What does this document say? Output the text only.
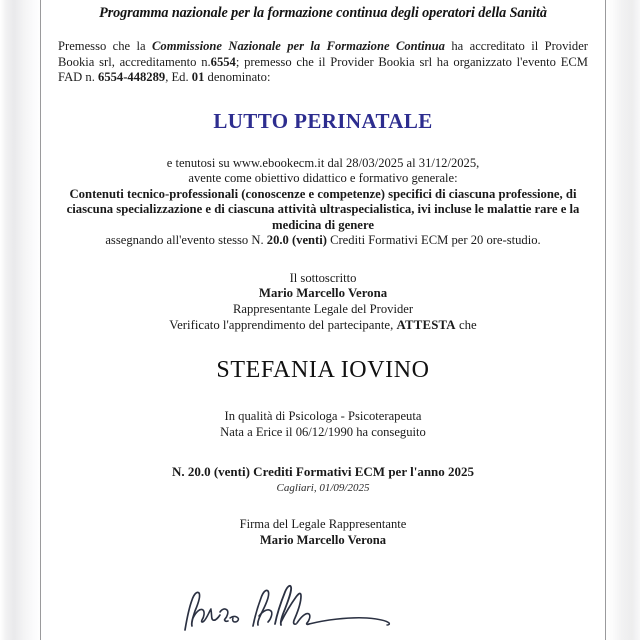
Programma nazionale per la formazione continua degli operatori della Sanità

Premesso che la Commissione Nazionale per la Formazione Continua ha accreditato il Provider Bookia srl, accreditamento n.6554; premesso che il Provider Bookia srl ha organizzato l'evento ECM FAD n. 6554-448289, Ed. 01 denominato:

LUTTO PERINATALE

e tenutosi su www.ebookecm.it dal 28/03/2025 al 31/12/2025,

avente come obiettivo didattico e formativo generale:

Contenuti tecnico-professionali (conoscenze e competenze) specifici di ciascuna professione, di ciascuna specializzazione e di ciascuna attività ultraspecialistica, ivi incluse le malattie rare e la medicina di genere

assegnando all'evento stesso N. 20.0 (venti) Crediti Formativi ECM per 20 ore-studio.

Il sottoscritto

Mario Marcello Verona

Rappresentante Legale del Provider

Verificato l'apprendimento del partecipante, ATTESTA che

STEFANIA IOVINO

In qualità di Psicologa - Psicoterapeuta

Nata a Erice il 06/12/1990 ha conseguito

N. 20.0 (venti) Crediti Formativi ECM per l'anno 2025

Cagliari, 01/09/2025

Firma del Legale Rappresentante

Mario Marcello Verona
